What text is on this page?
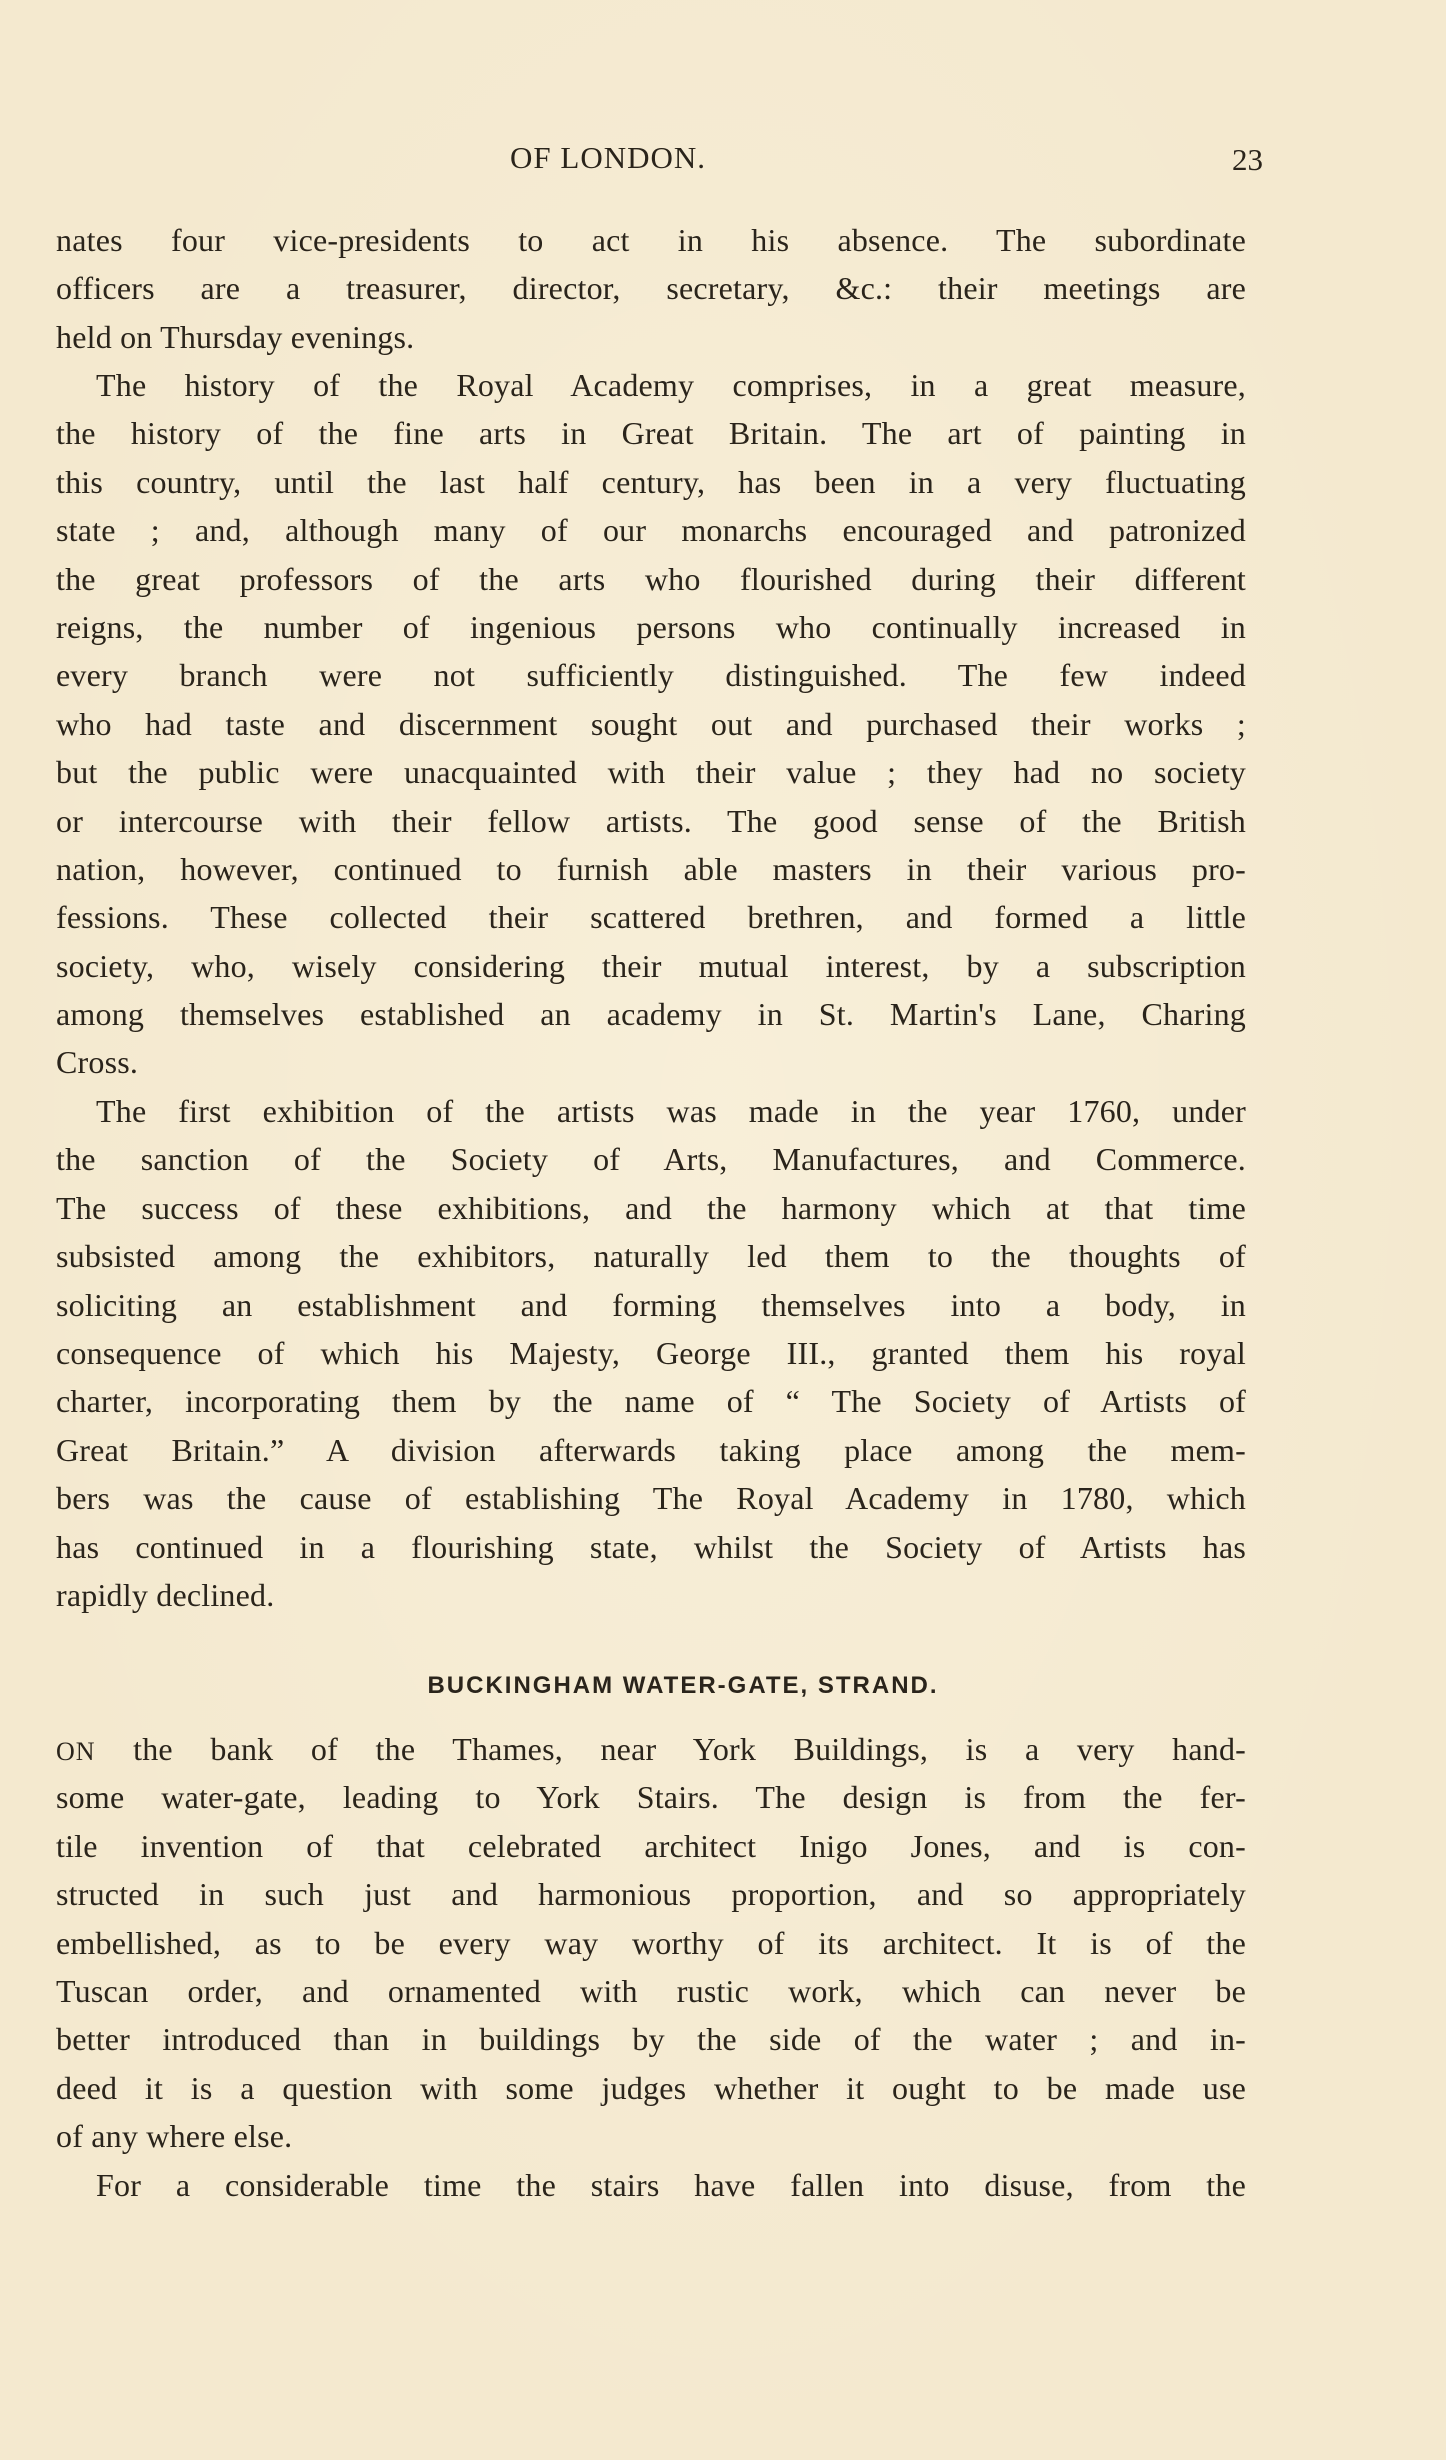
OF LONDON.	23
nates four vice-presidents to act in his absence. The subordinate
officers are a treasurer, director, secretary, &c.: their meetings are
held on Thursday evenings.
The history of the Royal Academy comprises, in a great measure,
the history of the fine arts in Great Britain. The art of painting in
this country, until the last half century, has been in a very fluctuating
state ; and, although many of our monarchs encouraged and patronized
the great professors of the arts who flourished during their different
reigns, the number of ingenious persons who continually increased in
every branch were not sufficiently distinguished. The few indeed
who had taste and discernment sought out and purchased their works ;
but the public were unacquainted with their value ; they had no society
or intercourse with their fellow artists. The good sense of the British
nation, however, continued to furnish able masters in their various pro-
fessions. These collected their scattered brethren, and formed a little
society, who, wisely considering their mutual interest, by a subscription
among themselves established an academy in St. Martin's Lane, Charing
Cross.
The first exhibition of the artists was made in the year 1760, under
the sanction of the Society of Arts, Manufactures, and Commerce.
The success of these exhibitions, and the harmony which at that time
subsisted among the exhibitors, naturally led them to the thoughts of
soliciting an establishment and forming themselves into a body, in
consequence of which his Majesty, George III., granted them his royal
charter, incorporating them by the name of “ The Society of Artists of
Great Britain.” A division afterwards taking place among the mem-
bers was the cause of establishing The Royal Academy in 1780, which
has continued in a flourishing state, whilst the Society of Artists has
rapidly declined.
BUCKINGHAM WATER-GATE, STRAND.
ON the bank of the Thames, near York Buildings, is a very hand-
some water-gate, leading to York Stairs. The design is from the fer-
tile invention of that celebrated architect Inigo Jones, and is con-
structed in such just and harmonious proportion, and so appropriately
embellished, as to be every way worthy of its architect. It is of the
Tuscan order, and ornamented with rustic work, which can never be
better introduced than in buildings by the side of the water ; and in-
deed it is a question with some judges whether it ought to be made use
of any where else.
For a considerable time the stairs have fallen into disuse, from the
